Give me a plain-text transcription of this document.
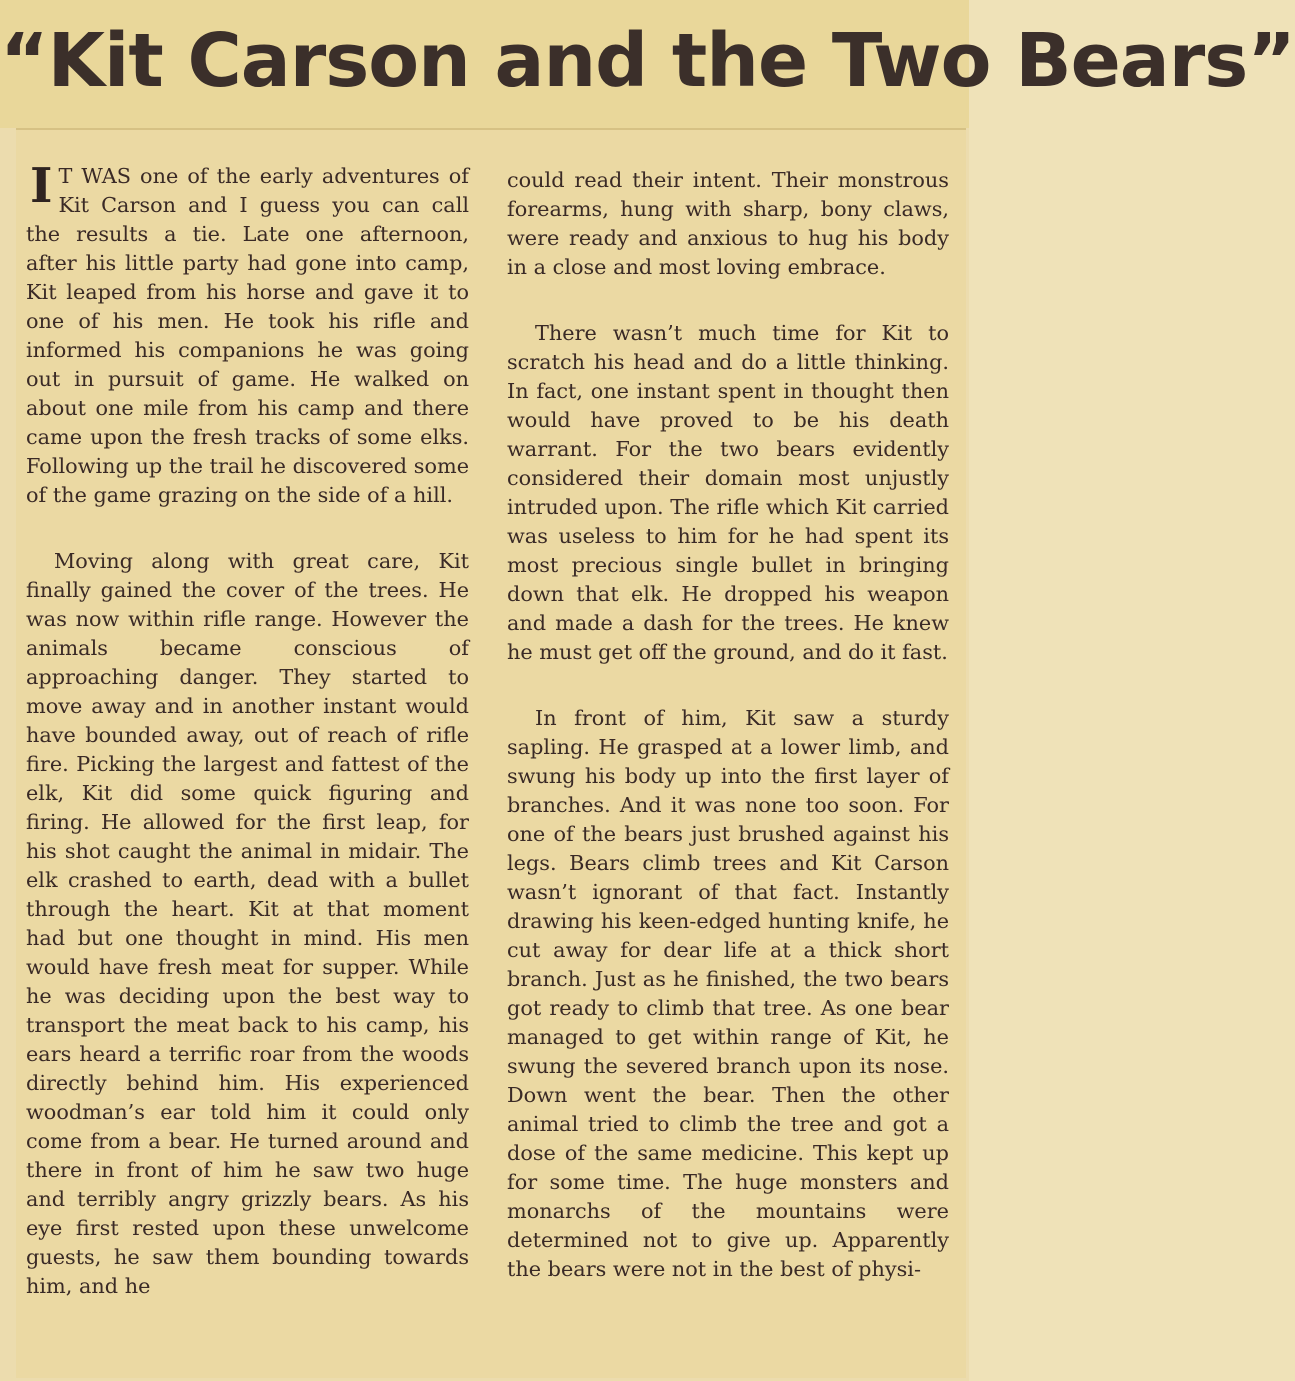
“Kit Carson and the Two Bears”

I T WAS one of the early adventures of Kit Carson and I guess you can call the results a tie. Late one afternoon, after his little party had gone into camp, Kit leaped from his horse and gave it to one of his men. He took his rifle and informed his companions he was going out in pursuit of game. He walked on about one mile from his camp and there came upon the fresh tracks of some elks. Following up the trail he discovered some of the game grazing on the side of a hill.

Moving along with great care, Kit finally gained the cover of the trees. He was now within rifle range. However the animals became conscious of approaching danger. They started to move away and in another instant would have bounded away, out of reach of rifle fire. Picking the largest and fattest of the elk, Kit did some quick figuring and firing. He allowed for the first leap, for his shot caught the animal in midair. The elk crashed to earth, dead with a bullet through the heart. Kit at that moment had but one thought in mind. His men would have fresh meat for supper. While he was deciding upon the best way to transport the meat back to his camp, his ears heard a terrific roar from the woods directly behind him. His experienced woodman’s ear told him it could only come from a bear. He turned around and there in front of him he saw two huge and terribly angry grizzly bears. As his eye first rested upon these unwelcome guests, he saw them bounding towards him, and he

could read their intent. Their monstrous forearms, hung with sharp, bony claws, were ready and anxious to hug his body in a close and most loving embrace.

There wasn’t much time for Kit to scratch his head and do a little thinking. In fact, one instant spent in thought then would have proved to be his death warrant. For the two bears evidently considered their domain most unjustly intruded upon. The rifle which Kit carried was useless to him for he had spent its most precious single bullet in bringing down that elk. He dropped his weapon and made a dash for the trees. He knew he must get off the ground, and do it fast.

In front of him, Kit saw a sturdy sapling. He grasped at a lower limb, and swung his body up into the first layer of branches. And it was none too soon. For one of the bears just brushed against his legs. Bears climb trees and Kit Carson wasn’t ignorant of that fact. Instantly drawing his keen-edged hunting knife, he cut away for dear life at a thick short branch. Just as he finished, the two bears got ready to climb that tree. As one bear managed to get within range of Kit, he swung the severed branch upon its nose. Down went the bear. Then the other animal tried to climb the tree and got a dose of the same medicine. This kept up for some time. The huge monsters and monarchs of the mountains were determined not to give up. Apparently the bears were not in the best of physi-
